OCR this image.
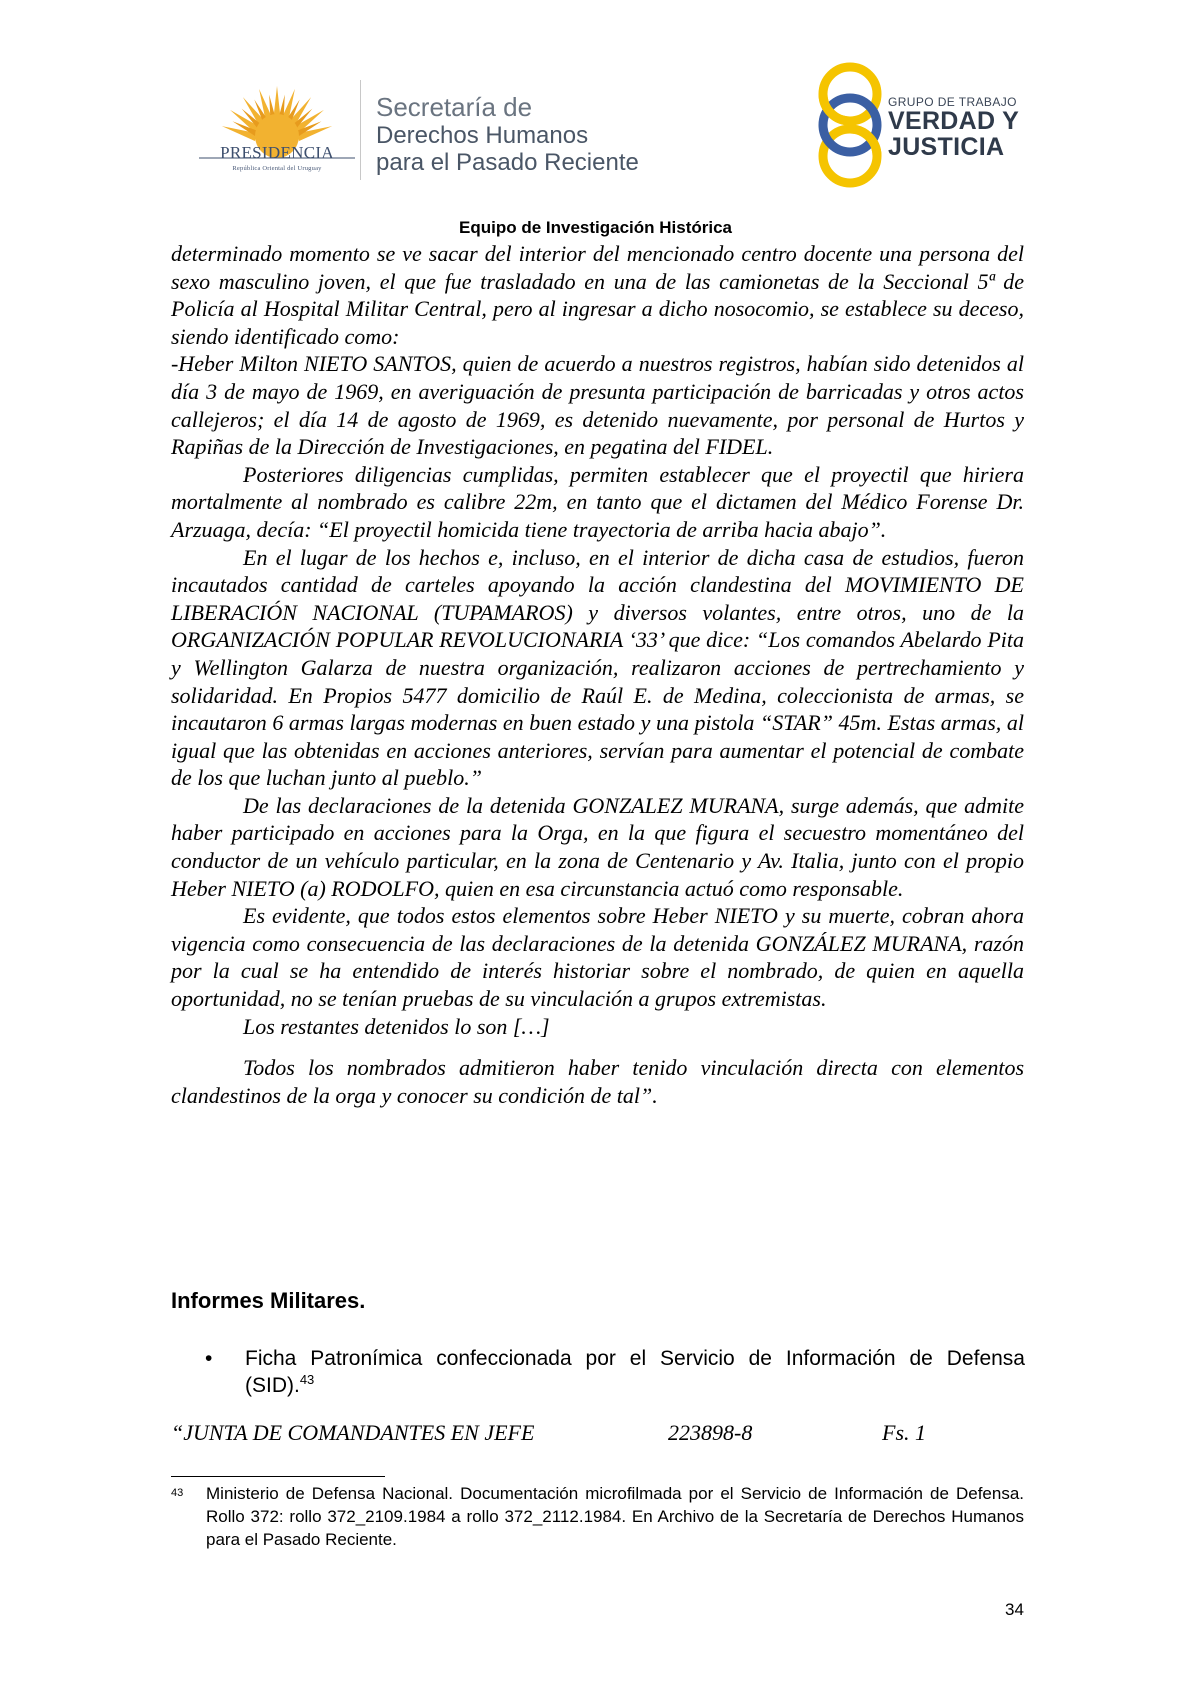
PRESIDENCIA
República Oriental del Uruguay
Secretaría de
Derechos Humanos
para el Pasado Reciente
GRUPO DE TRABAJO
VERDAD Y
JUSTICIA
Equipo de Investigación Histórica

determinado momento se ve sacar del interior del mencionado centro docente una persona del sexo masculino joven, el que fue trasladado en una de las camionetas de la Seccional 5ª de Policía al Hospital Militar Central, pero al ingresar a dicho nosocomio, se establece su deceso, siendo identificado como:

-Heber Milton NIETO SANTOS, quien de acuerdo a nuestros registros, habían sido detenidos al día 3 de mayo de 1969, en averiguación de presunta participación de barricadas y otros actos callejeros; el día 14 de agosto de 1969, es detenido nuevamente, por personal de Hurtos y Rapiñas de la Dirección de Investigaciones, en pegatina del FIDEL.

Posteriores diligencias cumplidas, permiten establecer que el proyectil que hiriera mortalmente al nombrado es calibre 22m, en tanto que el dictamen del Médico Forense Dr. Arzuaga, decía: “El proyectil homicida tiene trayectoria de arriba hacia abajo”.

En el lugar de los hechos e, incluso, en el interior de dicha casa de estudios, fueron incautados cantidad de carteles apoyando la acción clandestina del MOVIMIENTO DE LIBERACIÓN NACIONAL (TUPAMAROS) y diversos volantes, entre otros, uno de la ORGANIZACIÓN POPULAR REVOLUCIONARIA ‘33’ que dice: “Los comandos Abelardo Pita y Wellington Galarza de nuestra organización, realizaron acciones de pertrechamiento y solidaridad. En Propios 5477 domicilio de Raúl E. de Medina, coleccionista de armas, se incautaron 6 armas largas modernas en buen estado y una pistola “STAR” 45m. Estas armas, al igual que las obtenidas en acciones anteriores, servían para aumentar el potencial de combate de los que luchan junto al pueblo.”

De las declaraciones de la detenida GONZALEZ MURANA, surge además, que admite haber participado en acciones para la Orga, en la que figura el secuestro momentáneo del conductor de un vehículo particular, en la zona de Centenario y Av. Italia, junto con el propio Heber NIETO (a) RODOLFO, quien en esa circunstancia actuó como responsable.

Es evidente, que todos estos elementos sobre Heber NIETO y su muerte, cobran ahora vigencia como consecuencia de las declaraciones de la detenida GONZÁLEZ MURANA, razón por la cual se ha entendido de interés historiar sobre el nombrado, de quien en aquella oportunidad, no se tenían pruebas de su vinculación a grupos extremistas.

Los restantes detenidos lo son […]

Todos los nombrados admitieron haber tenido vinculación directa con elementos clandestinos de la orga y conocer su condición de tal”.

Informes Militares.
•	Ficha Patronímica confeccionada por el Servicio de Información de Defensa (SID).$^{43}$
“JUNTA DE COMANDANTES EN JEFE	223898-8	Fs. 1
43 Ministerio de Defensa Nacional. Documentación microfilmada por el Servicio de Información de Defensa. Rollo 372: rollo 372_2109.1984 a rollo 372_2112.1984. En Archivo de la Secretaría de Derechos Humanos para el Pasado Reciente.
34
